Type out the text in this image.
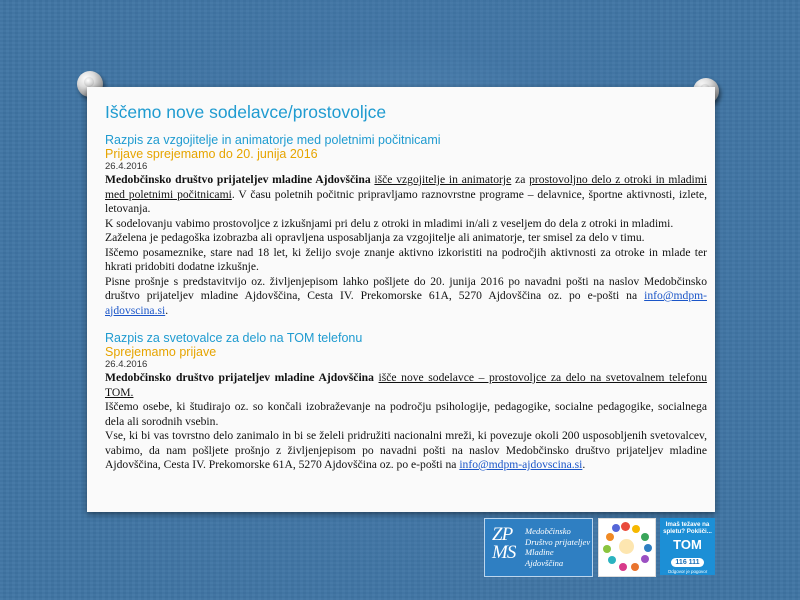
Iščemo nove sodelavce/prostovoljce
Razpis za vzgojitelje in animatorje med poletnimi počitnicami
Prijave sprejemamo do 20. junija 2016
26.4.2016

Medobčinsko društvo prijateljev mladine Ajdovščina išče vzgojitelje in animatorje za prostovoljno delo z otroki in mladimi med poletnimi počitnicami. V času poletnih počitnic pripravljamo raznovrstne programe – delavnice, športne aktivnosti, izlete, letovanja.

K sodelovanju vabimo prostovoljce z izkušnjami pri delu z otroki in mladimi in/ali z veseljem do dela z otroki in mladimi.

Zaželena je pedagoška izobrazba ali opravljena usposabljanja za vzgojitelje ali animatorje, ter smisel za delo v timu.

Iščemo posameznike, stare nad 18 let, ki želijo svoje znanje aktivno izkoristiti na področjih aktivnosti za otroke in mlade ter hkrati pridobiti dodatne izkušnje.

Pisne prošnje s predstavitvijo oz. življenjepisom lahko pošljete do 20. junija 2016 po navadni pošti na naslov Medobčinsko društvo prijateljev mladine Ajdovščina, Cesta IV. Prekomorske 61A, 5270 Ajdovščina oz. po e-pošti na info@mdpm-ajdovscina.si.

Razpis za svetovalce za delo na TOM telefonu
Sprejemamo prijave
26.4.2016

Medobčinsko društvo prijateljev mladine Ajdovščina išče nove sodelavce – prostovoljce za delo na svetovalnem telefonu TOM.

Iščemo osebe, ki študirajo oz. so končali izobraževanje na področju psihologije, pedagogike, socialne pedagogike, socialnega dela ali sorodnih vsebin.

Vse, ki bi vas tovrstno delo zanimalo in bi se želeli pridružiti nacionalni mreži, ki povezuje okoli 200 usposobljenih svetovalcev, vabimo, da nam pošljete prošnjo z življenjepisom po navadni pošti na naslov Medobčinsko društvo prijateljev mladine Ajdovščina, Cesta IV. Prekomorske 61A, 5270 Ajdovščina oz. po e-pošti na info@mdpm-ajdovscina.si.

ZP
MS
Medobčinsko
Društvo prijateljev
Mladine Ajdovščina
Imaš težave na spletu? Pokliči...
TOM
116 111
Odgovor je pogovor
